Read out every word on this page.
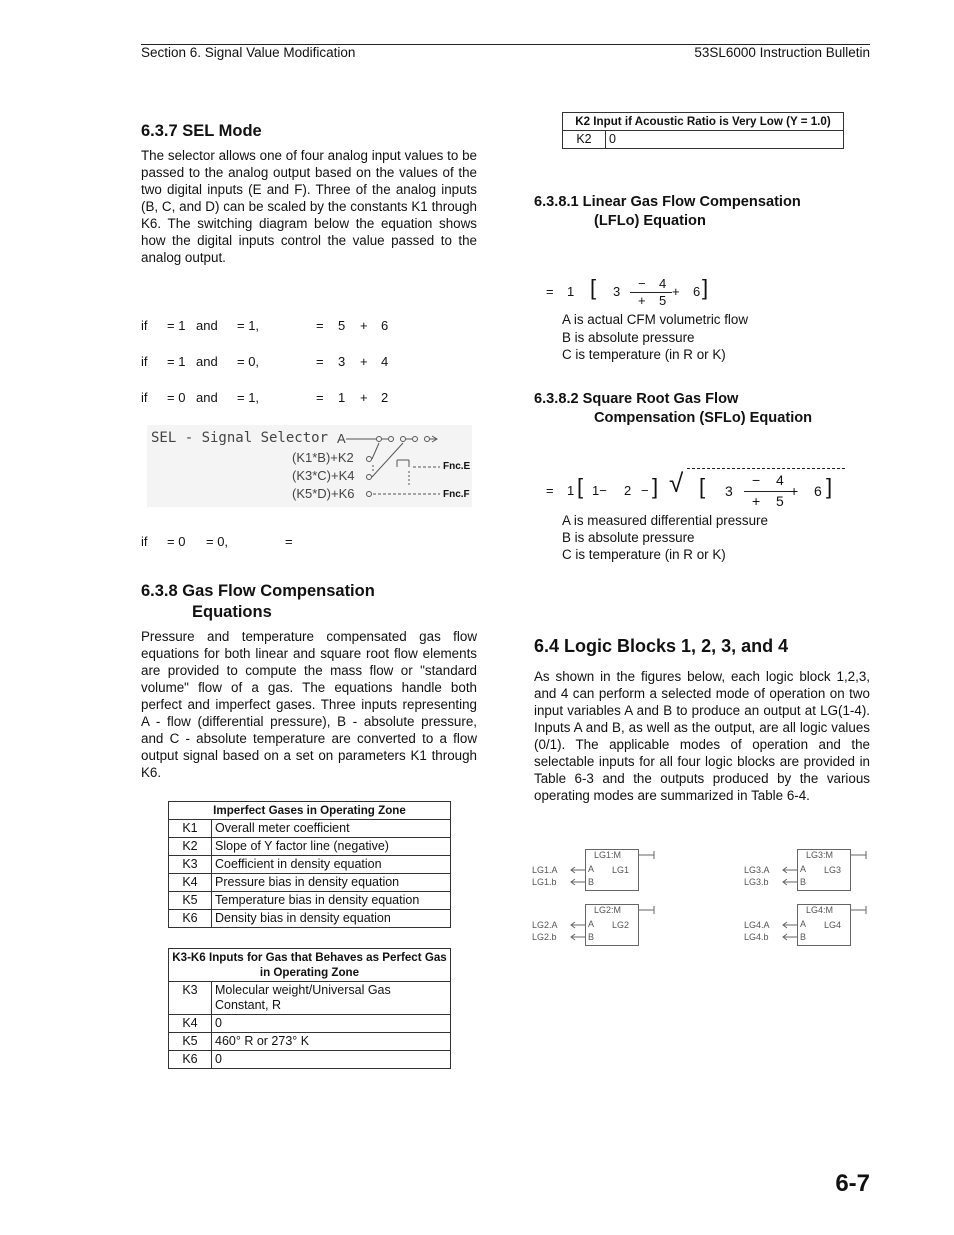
Section 6. Signal Value Modification	53SL6000 Instruction Bulletin
6.3.7 SEL Mode
The selector allows one of four analog input values to be passed to the analog output based on the values of the two digital inputs (E and F). Three of the analog inputs (B, C, and D) can be scaled by the constants K1 through K6. The switching diagram below the equation shows how the digital inputs control the value passed to the analog output.

if = 1 and = 1,	= 5 + 6

if = 1 and = 0,	= 3 + 4

if = 0 and = 1,	= 1 + 2

SEL - Signal Selector A
(K1*B)+K2
(K3*C)+K4
(K5*D)+K6
Fnc.E
Fnc.F

if = 0 = 0,	=

6.3.8 Gas Flow Compensation
Equations
Pressure and temperature compensated gas flow equations for both linear and square root flow elements are provided to compute the mass flow or "standard volume" flow of a gas. The equations handle both perfect and imperfect gases. Three inputs representing A - flow (differential pressure), B - absolute pressure, and C - absolute temperature are converted to a flow output signal based on a set on parameters K1 through K6.
Imperfect Gases in Operating Zone	
K1	Overall meter coefficient
K2	Slope of Y factor line (negative)
K3	Coefficient in density equation
K4	Pressure bias in density equation
K5	Temperature bias in density equation
K6	Density bias in density equation
K3-K6 Inputs for Gas that Behaves as Perfect Gas in Operating Zone	
K3	Molecular weight/Universal Gas Constant, R
K4	0
K5	460° R or 273° K
K6	0
K2 Input if Acoustic Ratio is Very Low (Y = 1.0)
K2	0
6.3.8.1 Linear Gas Flow Compensation
(LFLo) Equation
= 1 [ 3
− 4
+ 5
+ 6 ]
A is actual CFM volumetric flow
B is absolute pressure
C is temperature (in R or K)
6.3.8.2 Square Root Gas Flow
Compensation (SFLo) Equation
= 1 [ 1− 2 − ] √ [ 3
− 4
+ 5
+ 6 ]
A is measured differential pressure
B is absolute pressure
C is temperature (in R or K)
6.4 Logic Blocks 1, 2, 3, and 4
As shown in the figures below, each logic block 1,2,3, and 4 can perform a selected mode of operation on two input variables A and B to produce an output at LG(1-4). Inputs A and B, as well as the output, are all logic values (0/1). The applicable modes of operation and the selectable inputs for all four logic blocks are provided in Table 6-3 and the outputs produced by the various operating modes are summarized in Table 6-4.
LG1:M
A
B
LG1
LG1.A
LG1.b
LG2:M
A
B
LG2
LG2.A
LG2.b
LG3:M
A
B
LG3
LG3.A
LG3.b
LG4:M
A
B
LG4
LG4.A
LG4.b
6-7
